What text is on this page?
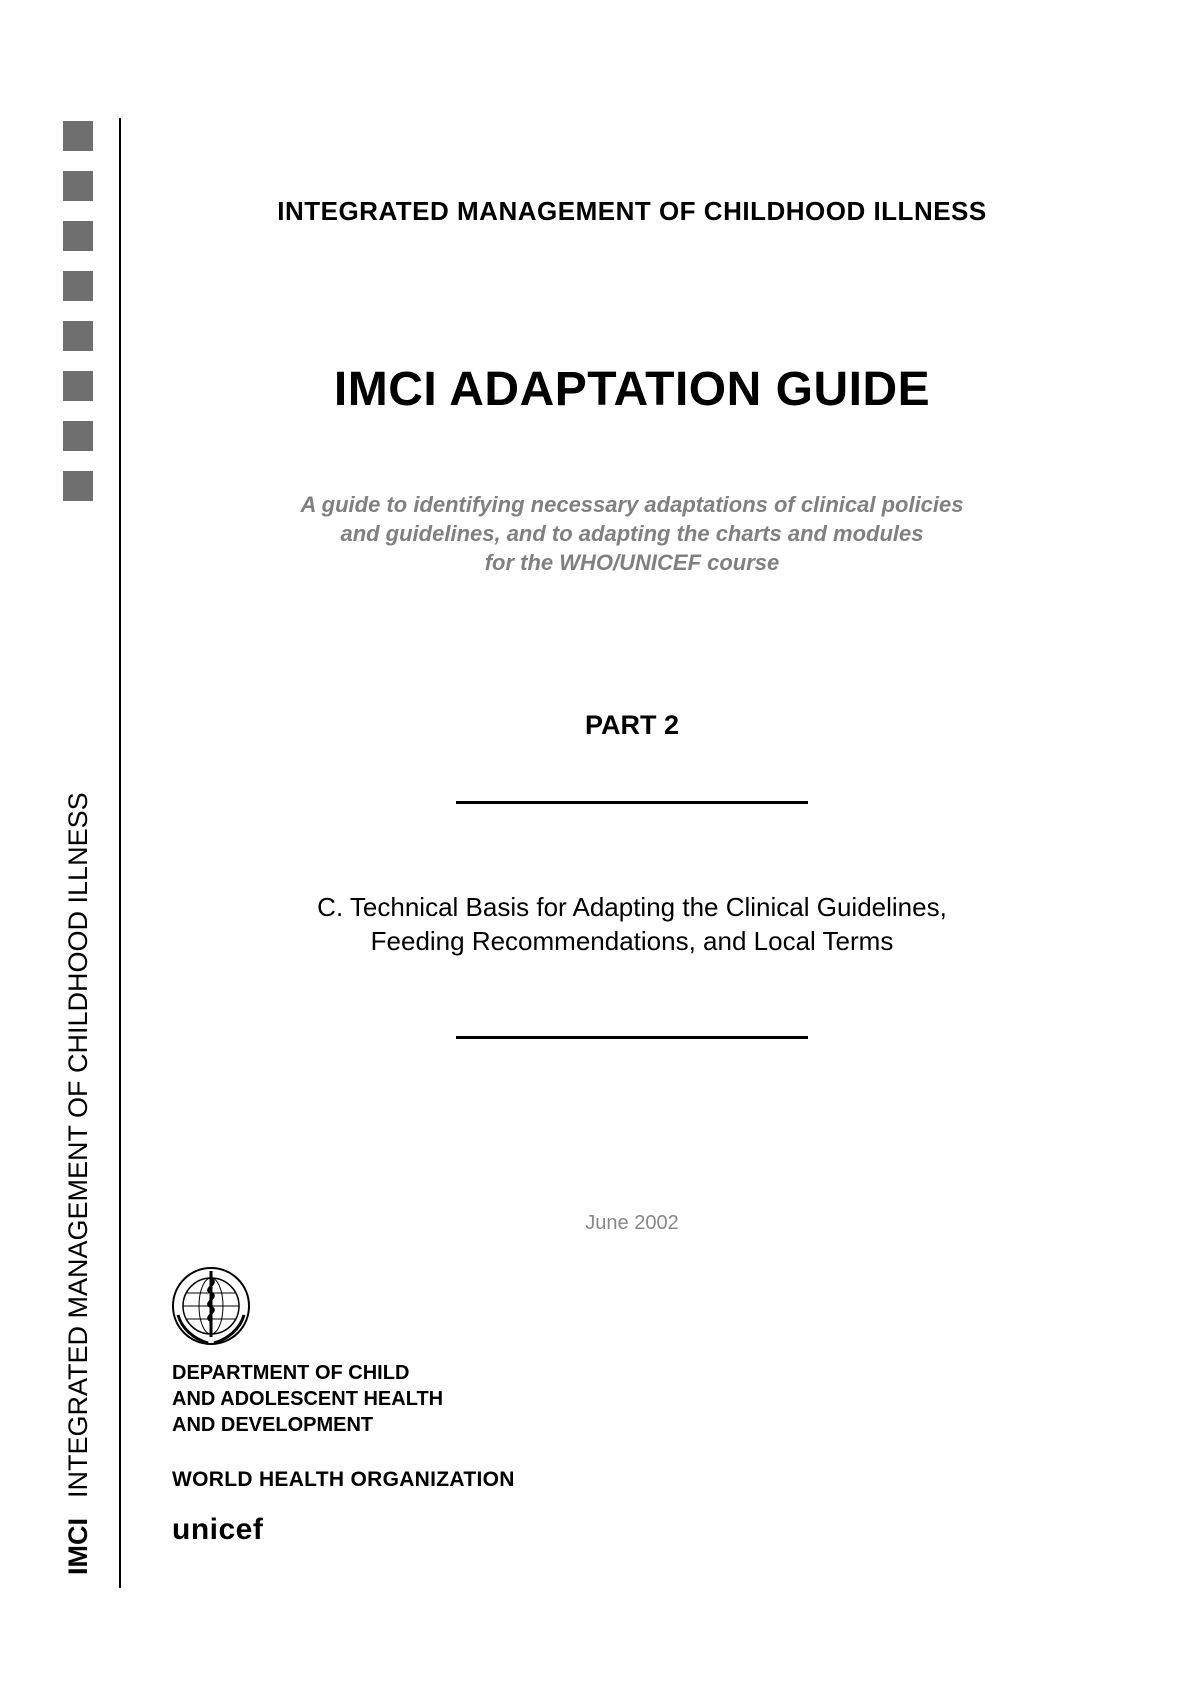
IMCIINTEGRATED MANAGEMENT OF CHILDHOOD ILLNESS
INTEGRATED MANAGEMENT OF CHILDHOOD ILLNESS
IMCI ADAPTATION GUIDE
A guide to identifying necessary adaptations of clinical policies
and guidelines, and to adapting the charts and modules
for the WHO/UNICEF course
PART 2
C. Technical Basis for Adapting the Clinical Guidelines,
Feeding Recommendations, and Local Terms
June 2002
DEPARTMENT OF CHILD
AND ADOLESCENT HEALTH
AND DEVELOPMENT
WORLD HEALTH ORGANIZATION
unicef
